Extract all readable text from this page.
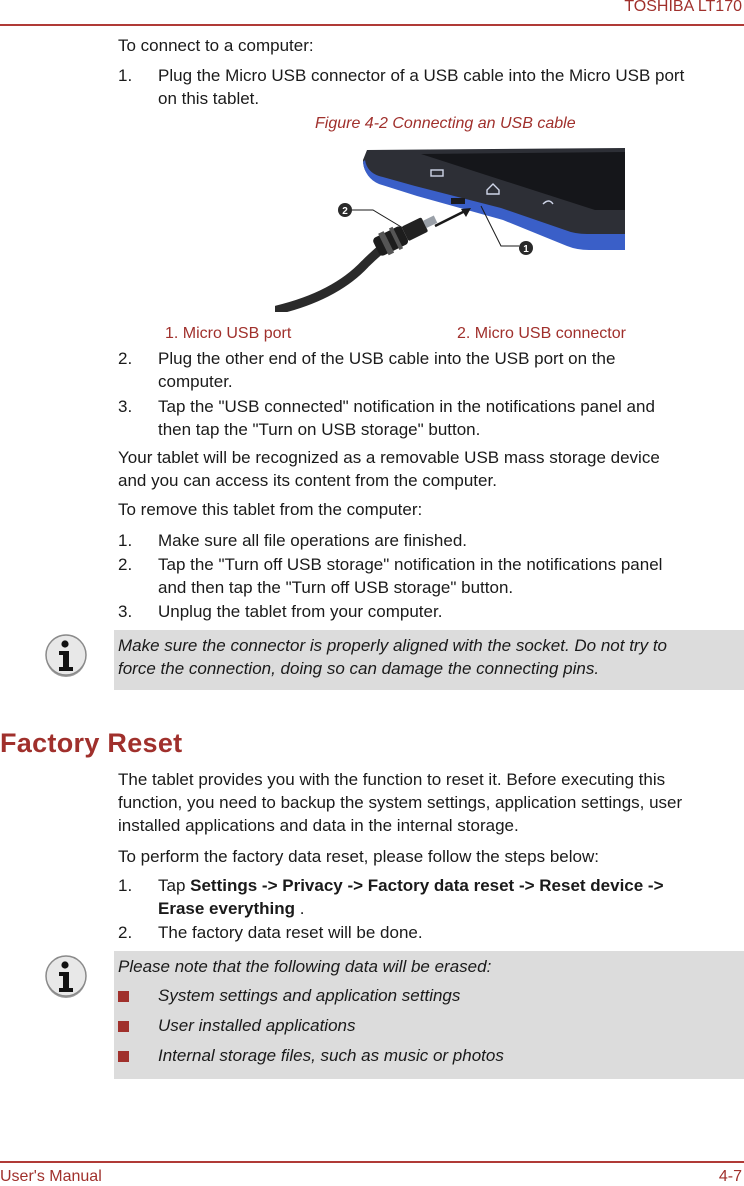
TOSHIBA LT170

To connect to a computer:

1. Plug the Micro USB connector of a USB cable into the Micro USB port
on this tablet.
Figure 4-2 Connecting an USB cable
2
1
1. Micro USB port	2. Micro USB connector
2. Plug the other end of the USB cable into the USB port on the
computer.
3. Tap the "USB connected" notification in the notifications panel and
then tap the "Turn on USB storage" button.

Your tablet will be recognized as a removable USB mass storage device
and you can access its content from the computer.

To remove this tablet from the computer:

1. Make sure all file operations are finished.
2. Tap the "Turn off USB storage" notification in the notifications panel
and then tap the "Turn off USB storage" button.
3. Unplug the tablet from your computer.
Make sure the connector is properly aligned with the socket. Do not try to
force the connection, doing so can damage the connecting pins.
Factory Reset

The tablet provides you with the function to reset it. Before executing this
function, you need to backup the system settings, application settings, user
installed applications and data in the internal storage.

To perform the factory data reset, please follow the steps below:

1. Tap Settings -> Privacy -> Factory data reset -> Reset device ->
Erase everything .
2. The factory data reset will be done.
Please note that the following data will be erased:
System settings and application settings
User installed applications
Internal storage files, such as music or photos
User's Manual	4-7
